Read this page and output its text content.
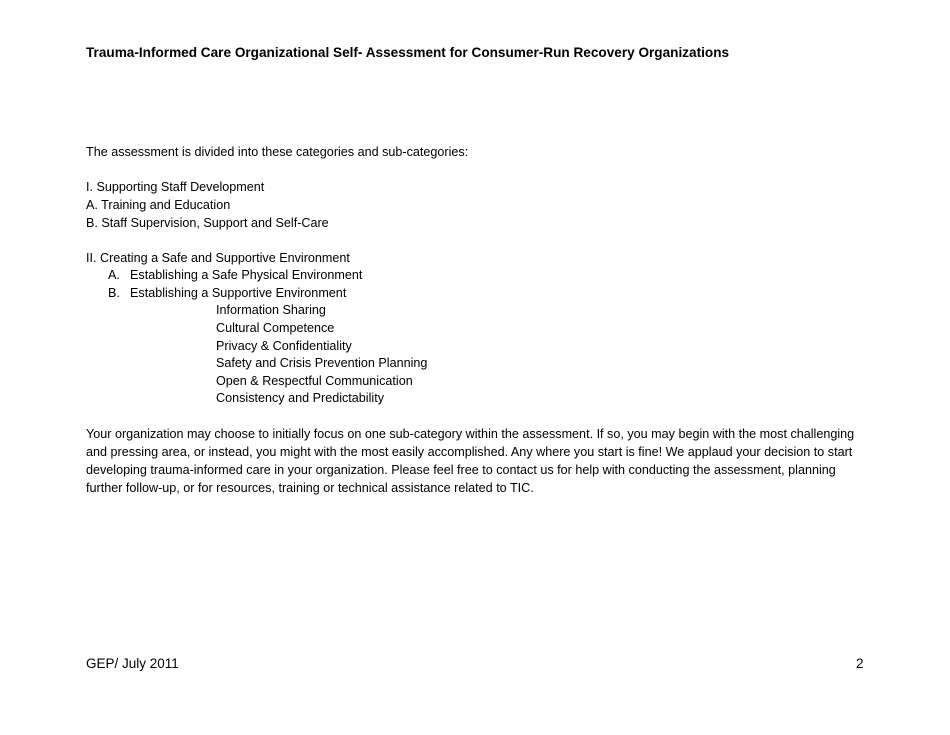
Trauma-Informed Care Organizational Self- Assessment for Consumer-Run Recovery Organizations
The assessment is divided into these categories and sub-categories:
I. Supporting Staff Development
A. Training and Education
B. Staff Supervision, Support and Self-Care
II. Creating a Safe and Supportive Environment
A. Establishing a Safe Physical Environment
B. Establishing a Supportive Environment
Information Sharing
Cultural Competence
Privacy & Confidentiality
Safety and Crisis Prevention Planning
Open & Respectful Communication
Consistency and Predictability
Your organization may choose to initially focus on one sub-category within the assessment. If so, you may begin with the most challenging and pressing area, or instead, you might with the most easily accomplished. Any where you start is fine! We applaud your decision to start developing trauma-informed care in your organization. Please feel free to contact us for help with conducting the assessment, planning further follow-up, or for resources, training or technical assistance related to TIC.
GEP/ July 2011	2
